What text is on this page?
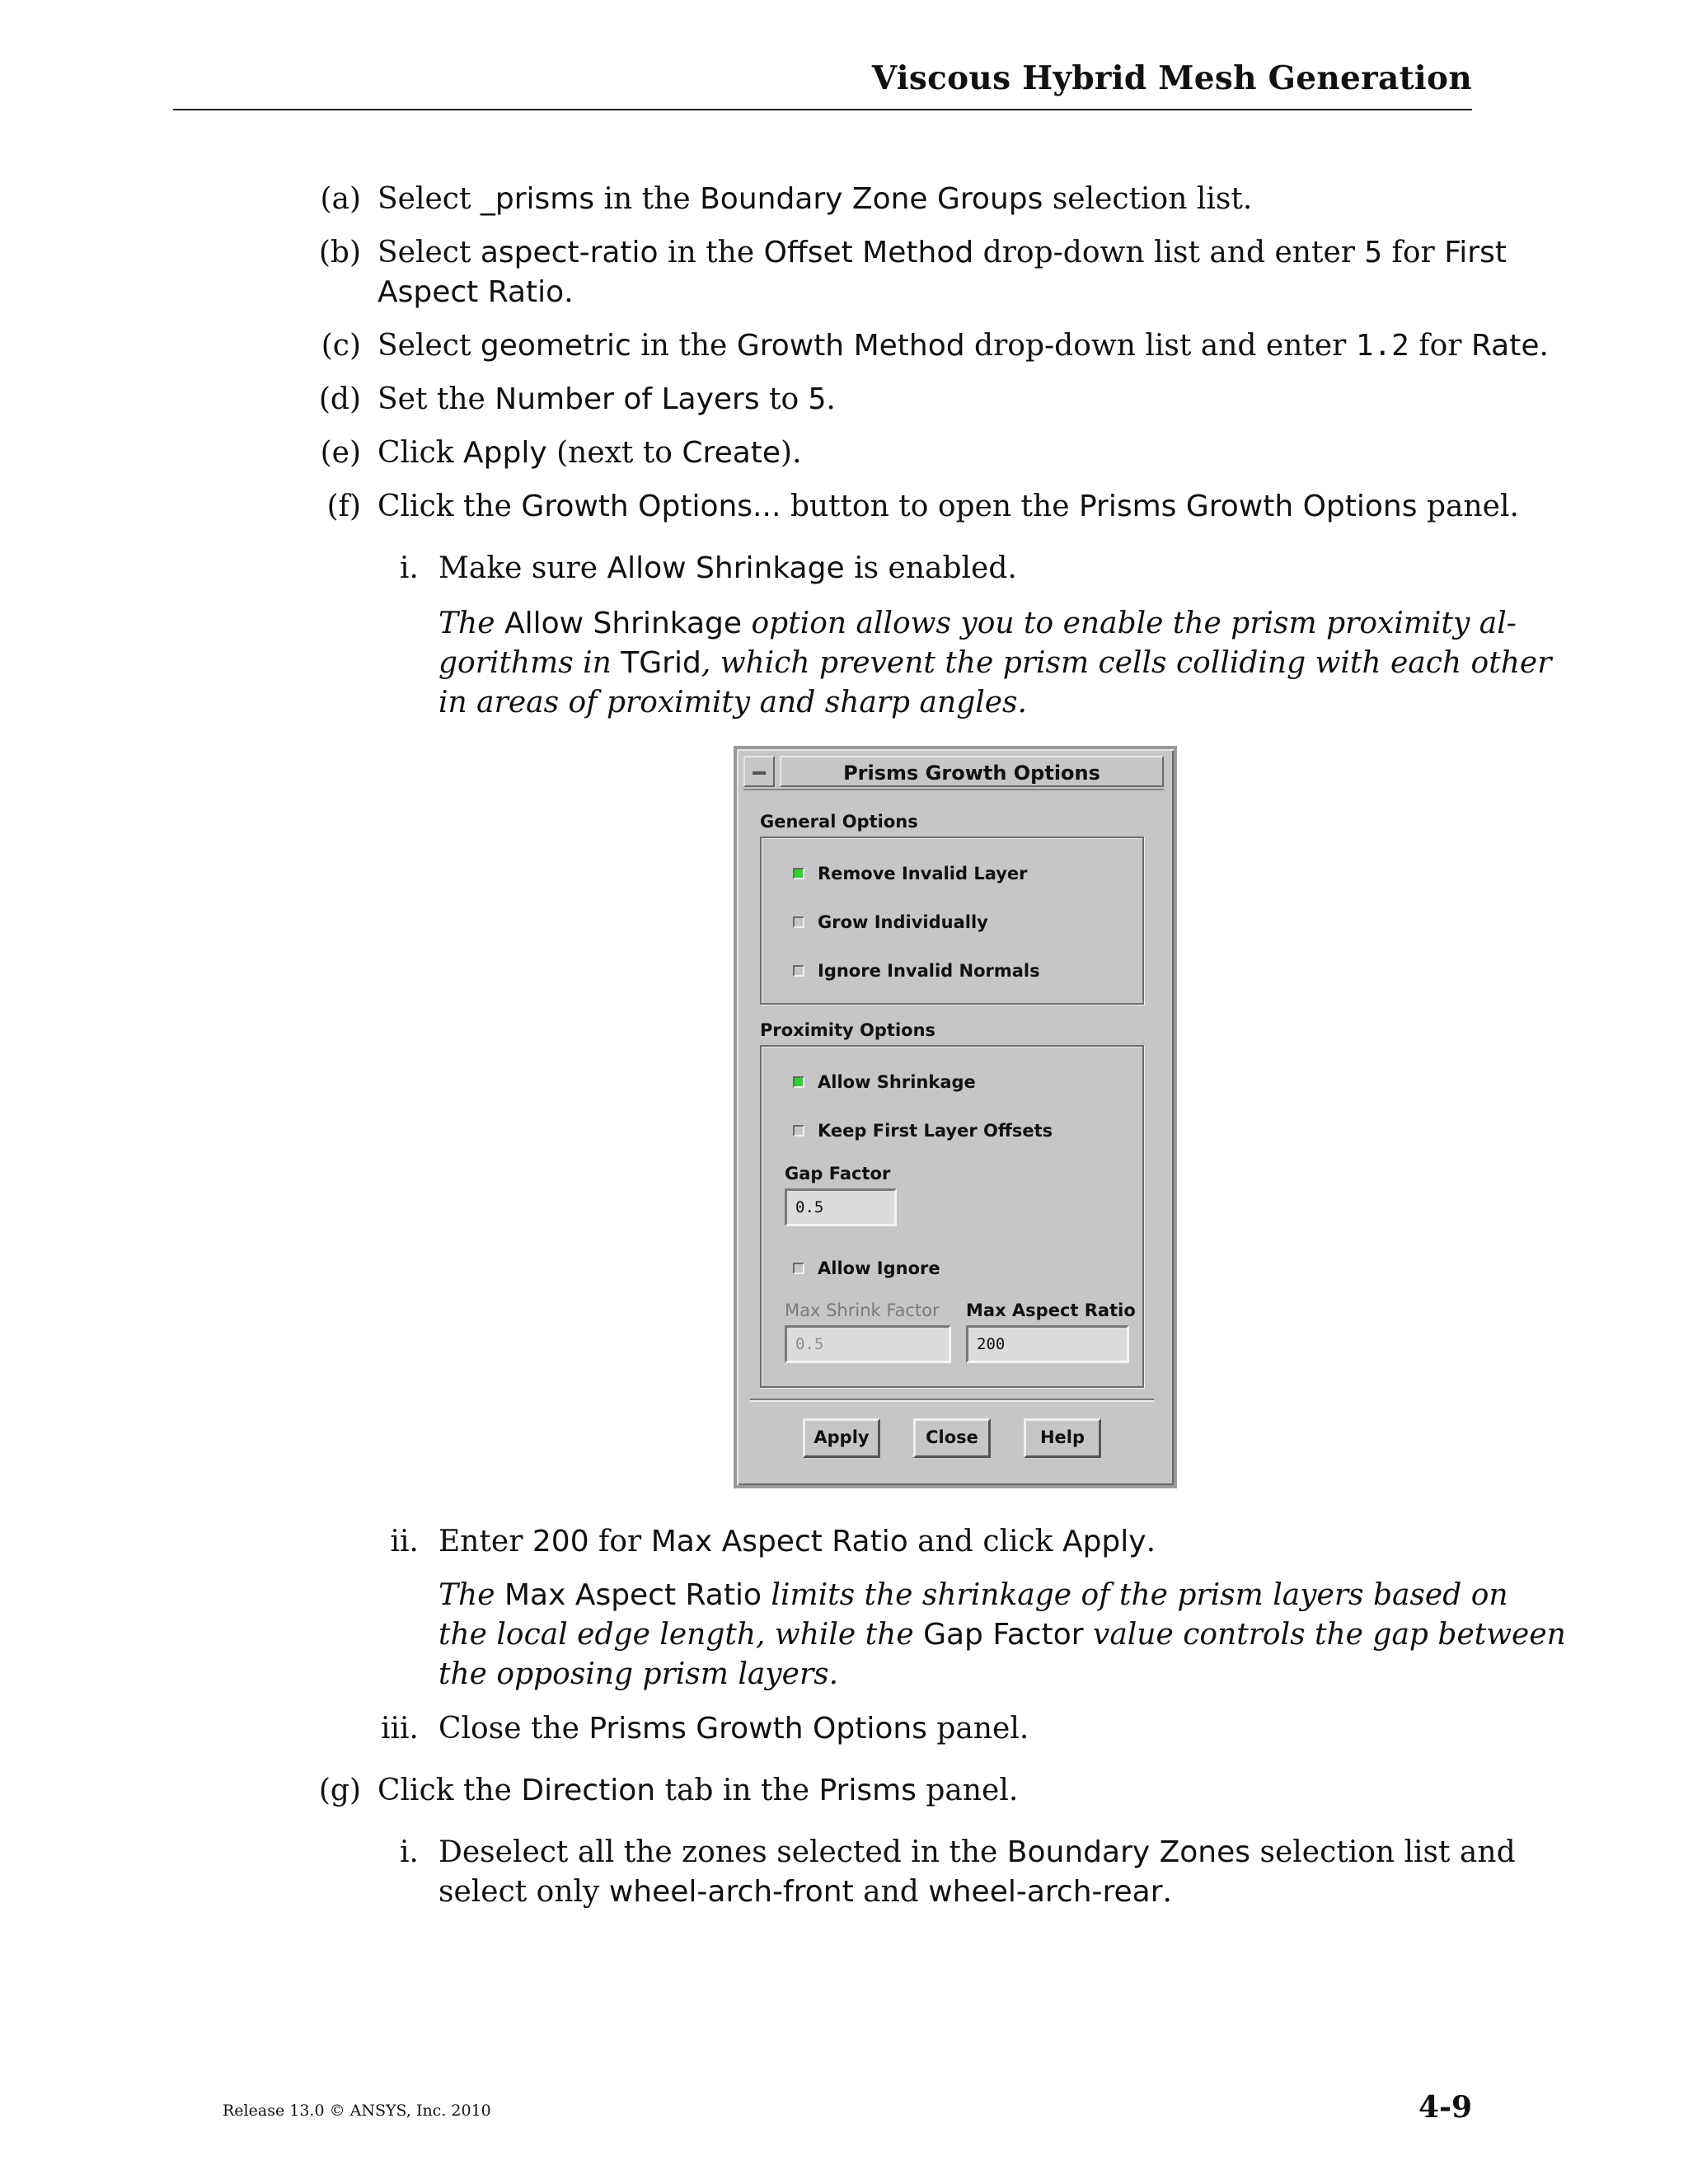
Viscous Hybrid Mesh Generation
(a) Select _prisms in the Boundary Zone Groups selection list.
(b) Select aspect-ratio in the Offset Method drop-down list and enter 5 for First
Aspect Ratio.
(c) Select geometric in the Growth Method drop-down list and enter 1.2 for Rate.
(d) Set the Number of Layers to 5.
(e) Click Apply (next to Create).
(f) Click the Growth Options... button to open the Prisms Growth Options panel.
i. Make sure Allow Shrinkage is enabled.
The Allow Shrinkage option allows you to enable the prism proximity al-
gorithms in TGrid, which prevent the prism cells colliding with each other
in areas of proximity and sharp angles.
Prisms Growth Options
General Options
Remove Invalid Layer
Grow Individually
Ignore Invalid Normals
Proximity Options
Allow Shrinkage
Keep First Layer Offsets
Gap Factor
0.5
Allow Ignore
Max Shrink Factor Max Aspect Ratio
0.5	200
Apply	Close	Help
ii. Enter 200 for Max Aspect Ratio and click Apply.
The Max Aspect Ratio limits the shrinkage of the prism layers based on
the local edge length, while the Gap Factor value controls the gap between
the opposing prism layers.
iii. Close the Prisms Growth Options panel.
(g) Click the Direction tab in the Prisms panel.
i. Deselect all the zones selected in the Boundary Zones selection list and
select only wheel-arch-front and wheel-arch-rear.
Release 13.0 © ANSYS, Inc. 2010	4-9
